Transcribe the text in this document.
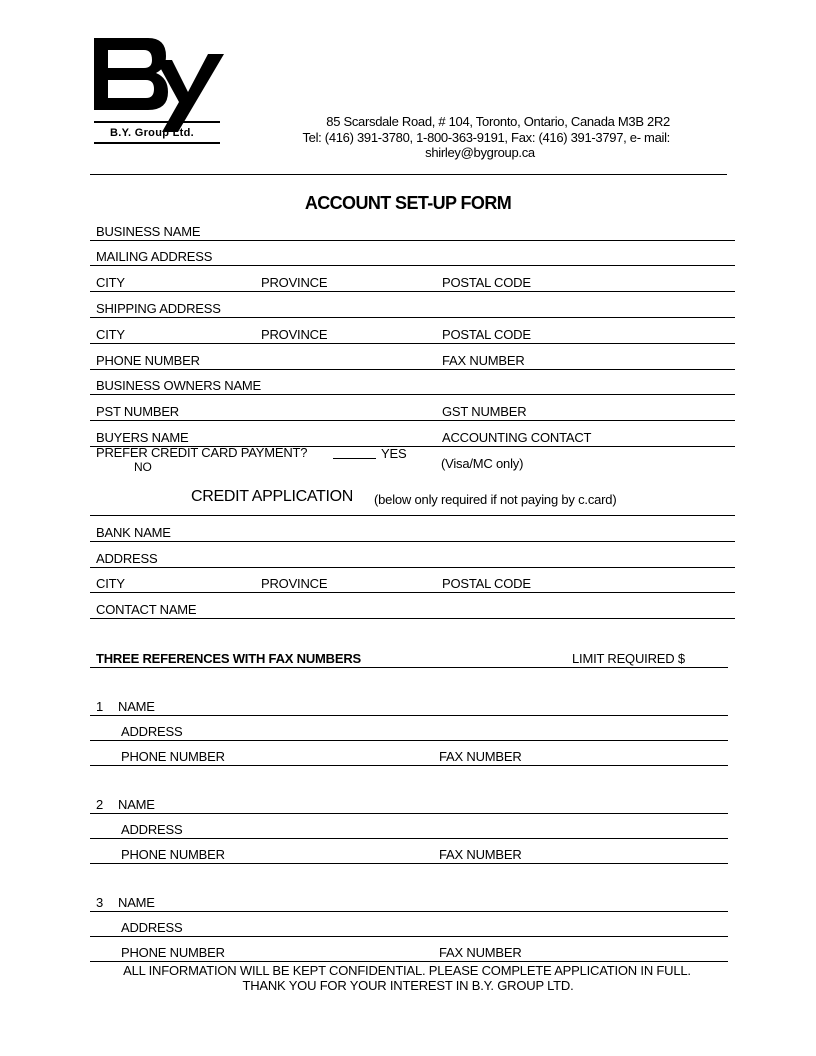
B.Y. Group Ltd.
85 Scarsdale Road, # 104, Toronto, Ontario, Canada M3B 2R2
Tel: (416) 391-3780, 1-800-363-9191, Fax: (416) 391-3797, e- mail:
shirley@bygroup.ca
ACCOUNT SET-UP FORM
BUSINESS NAME
MAILING ADDRESS
CITY	PROVINCE	POSTAL CODE
SHIPPING ADDRESS
CITY	PROVINCE	POSTAL CODE
PHONE NUMBER	FAX NUMBER
BUSINESS OWNERS NAME
PST NUMBER	GST NUMBER
BUYERS NAME	ACCOUNTING CONTACT
PREFER CREDIT CARD PAYMENT?	YES
NO	(Visa/MC only)
CREDIT APPLICATION (below only required if not paying by c.card)
BANK NAME
ADDRESS
CITY	PROVINCE	POSTAL CODE
CONTACT NAME
THREE REFERENCES WITH FAX NUMBERS	LIMIT REQUIRED $
1 NAME
ADDRESS
PHONE NUMBER	FAX NUMBER
2 NAME
ADDRESS
PHONE NUMBER	FAX NUMBER
3 NAME
ADDRESS
PHONE NUMBER	FAX NUMBER
ALL INFORMATION WILL BE KEPT CONFIDENTIAL. PLEASE COMPLETE APPLICATION IN FULL.
THANK YOU FOR YOUR INTEREST IN B.Y. GROUP LTD.
